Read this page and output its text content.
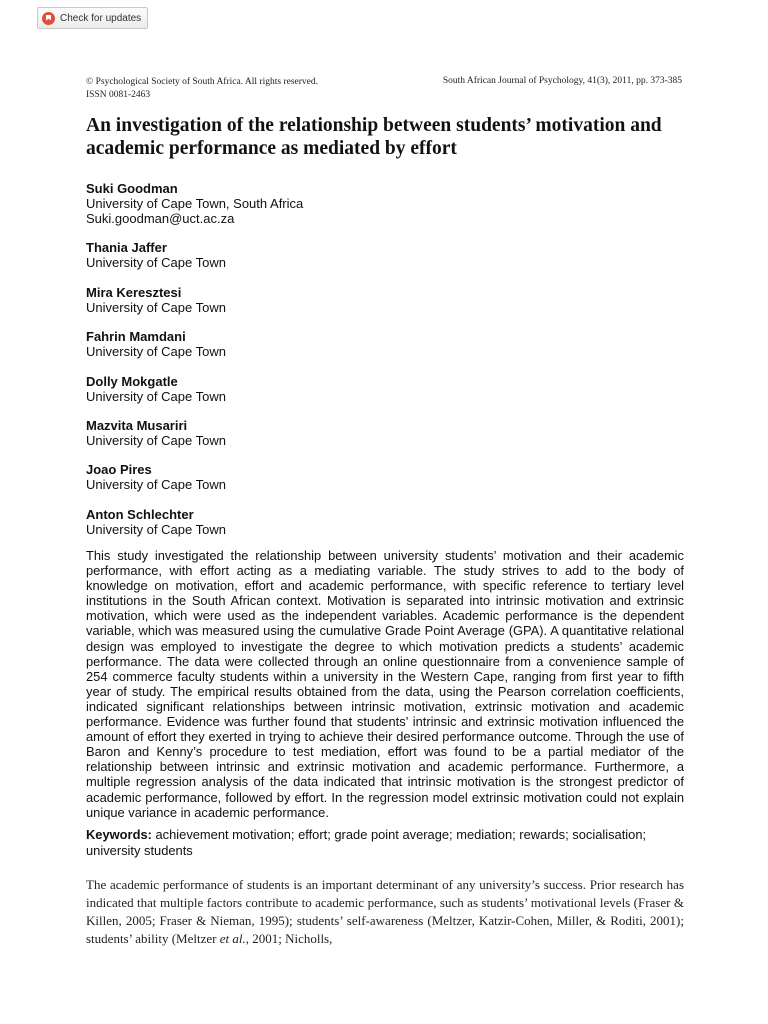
Check for updates
© Psychological Society of South Africa. All rights reserved.
ISSN 0081-2463
South African Journal of Psychology, 41(3), 2011, pp. 373-385
An investigation of the relationship between students’ motivation and academic performance as mediated by effort
Suki Goodman
University of Cape Town, South Africa
Suki.goodman@uct.ac.za
Thania Jaffer
University of Cape Town
Mira Keresztesi
University of Cape Town
Fahrin Mamdani
University of Cape Town
Dolly Mokgatle
University of Cape Town
Mazvita Musariri
University of Cape Town
Joao Pires
University of Cape Town
Anton Schlechter
University of Cape Town

This study investigated the relationship between university students’ motivation and their academic performance, with effort acting as a mediating variable. The study strives to add to the body of knowledge on motivation, effort and academic performance, with specific reference to tertiary level institutions in the South African context. Motivation is separated into intrinsic motivation and extrinsic motivation, which were used as the independent variables. Academic performance is the dependent variable, which was measured using the cumulative Grade Point Average (GPA). A quantitative relational design was employed to investigate the degree to which motivation predicts a students’ academic performance. The data were collected through an online questionnaire from a convenience sample of 254 commerce faculty students within a university in the Western Cape, ranging from first year to fifth year of study. The empirical results obtained from the data, using the Pearson correlation coefficients, indicated significant relationships between intrinsic motivation, extrinsic motivation and academic performance. Evidence was further found that students’ intrinsic and extrinsic motivation influenced the amount of effort they exerted in trying to achieve their desired performance outcome. Through the use of Baron and Kenny’s procedure to test mediation, effort was found to be a partial mediator of the relationship between intrinsic and extrinsic motivation and academic performance. Furthermore, a multiple regression analysis of the data indicated that intrinsic motivation is the strongest predictor of academic performance, followed by effort. In the regression model extrinsic motivation could not explain unique variance in academic performance.

Keywords: achievement motivation; effort; grade point average; mediation; rewards; socialisation; university students

The academic performance of students is an important determinant of any university’s success. Prior research has indicated that multiple factors contribute to academic performance, such as students’ motivational levels (Fraser & Killen, 2005; Fraser & Nieman, 1995); students’ self-awareness (Meltzer, Katzir-Cohen, Miller, & Roditi, 2001); students’ ability (Meltzer et al., 2001; Nicholls,
